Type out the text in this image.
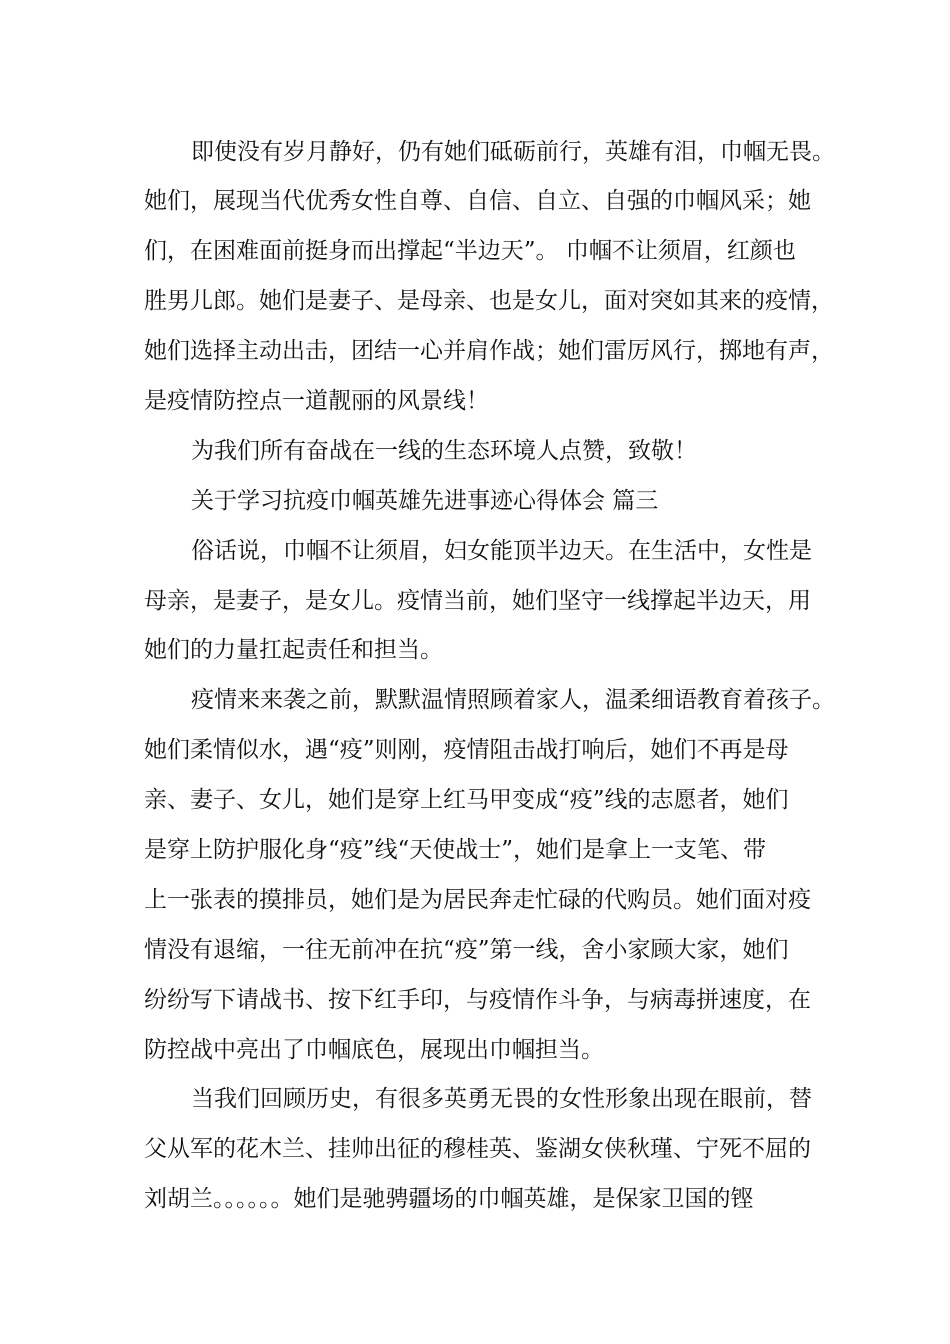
即使没有岁月静好，仍有她们砥砺前行，英雄有泪，巾帼无畏。
她们，展现当代优秀女性自尊、自信、自立、自强的巾帼风采；她
们，在困难面前挺身而出撑起“半边天”。 巾帼不让须眉，红颜也
胜男儿郎。她们是妻子、是母亲、也是女儿，面对突如其来的疫情，
她们选择主动出击，团结一心并肩作战；她们雷厉风行，掷地有声，
是疫情防控点一道靓丽的风景线！
为我们所有奋战在一线的生态环境人点赞，致敬！
关于学习抗疫巾帼英雄先进事迹心得体会 篇三
俗话说，巾帼不让须眉，妇女能顶半边天。在生活中，女性是
母亲，是妻子，是女儿。疫情当前，她们坚守一线撑起半边天，用
她们的力量扛起责任和担当。
疫情来来袭之前，默默温情照顾着家人，温柔细语教育着孩子。
她们柔情似水，遇“疫”则刚，疫情阻击战打响后，她们不再是母
亲、妻子、女儿，她们是穿上红马甲变成“疫”线的志愿者，她们
是穿上防护服化身“疫”线“天使战士”，她们是拿上一支笔、带
上一张表的摸排员，她们是为居民奔走忙碌的代购员。她们面对疫
情没有退缩，一往无前冲在抗“疫”第一线，舍小家顾大家，她们
纷纷写下请战书、按下红手印，与疫情作斗争，与病毒拼速度，在
防控战中亮出了巾帼底色，展现出巾帼担当。
当我们回顾历史，有很多英勇无畏的女性形象出现在眼前，替
父从军的花木兰、挂帅出征的穆桂英、鉴湖女侠秋瑾、宁死不屈的
刘胡兰。。。。。。她们是驰骋疆场的巾帼英雄，是保家卫国的铿
